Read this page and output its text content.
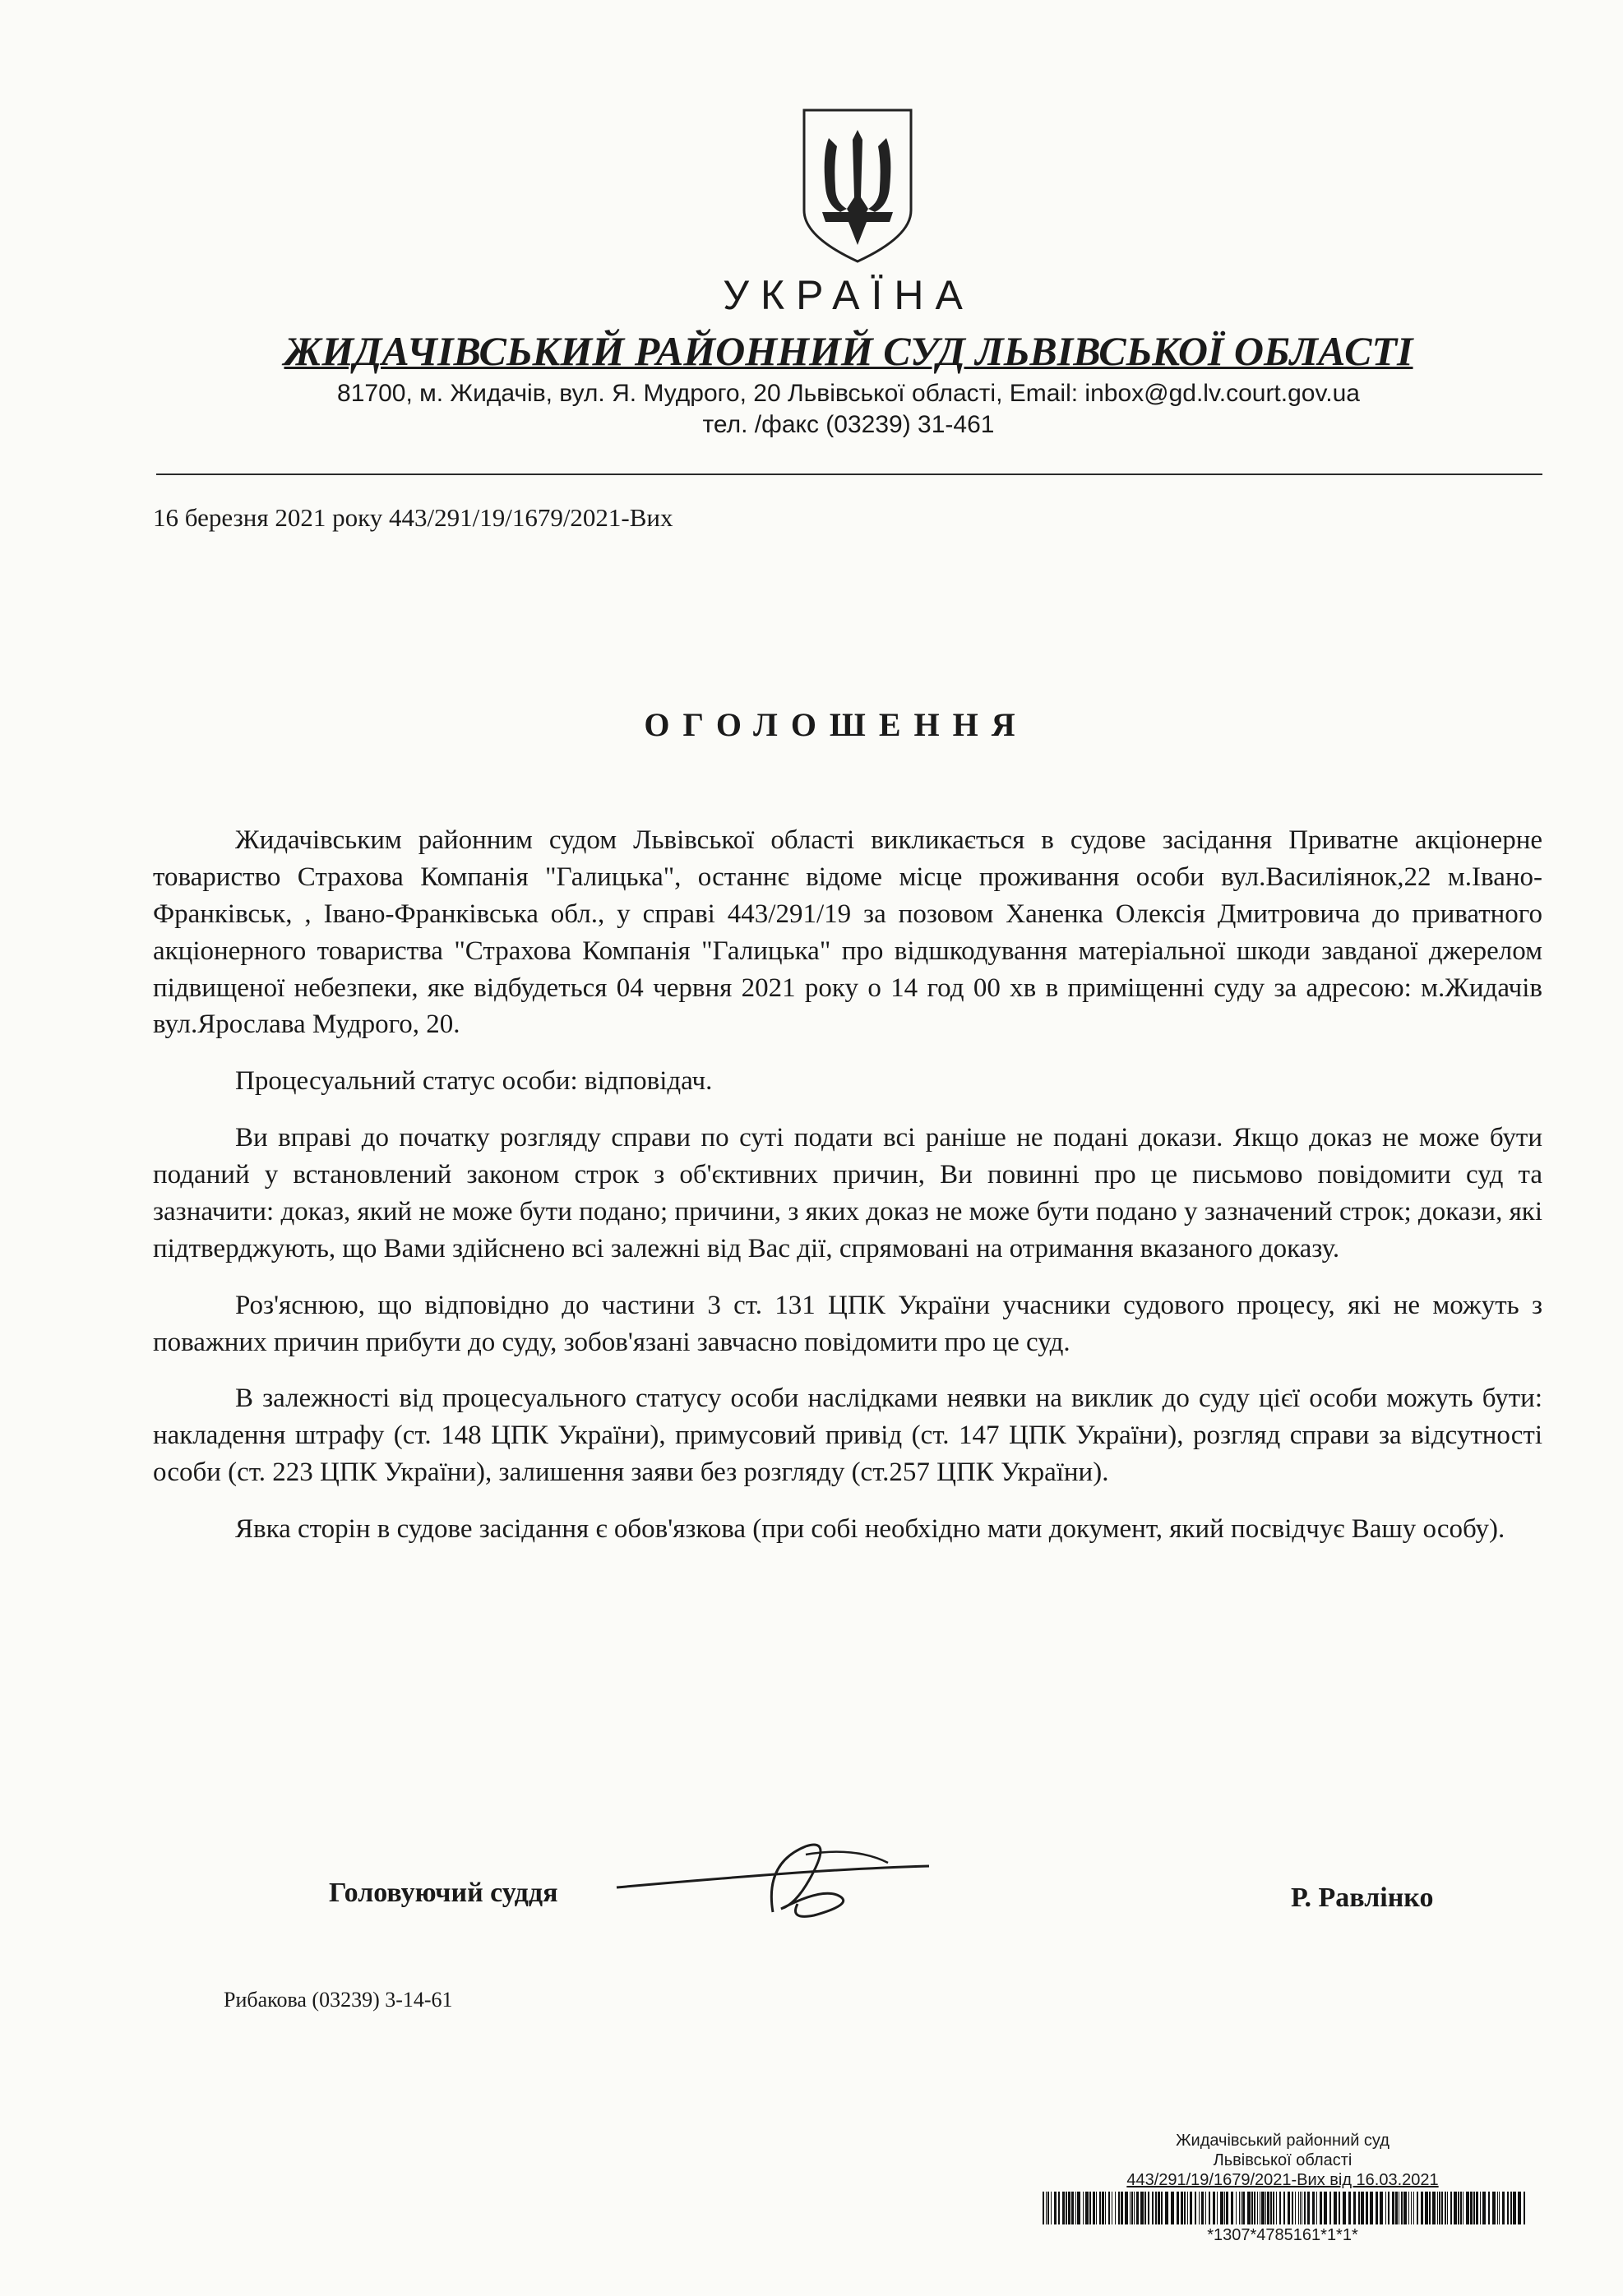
УКРАЇНА
ЖИДАЧІВСЬКИЙ РАЙОННИЙ СУД ЛЬВІВСЬКОЇ ОБЛАСТІ
81700, м. Жидачів, вул. Я. Мудрого, 20 Львівської області, Email: inbox@gd.lv.court.gov.ua
тел. /факс (03239) 31-461
16 березня 2021 року 443/291/19/1679/2021-Вих
ОГОЛОШЕННЯ

Жидачівським районним судом Львівської області викликається в судове засідання Приватне акціонерне товариство Страхова Компанія "Галицька", останнє відоме місце проживання особи вул.Василіянок,22 м.Івано-Франківськ, , Івано-Франківська обл., у справі 443/291/19 за позовом Ханенка Олексія Дмитровича до приватного акціонерного товариства "Страхова Компанія "Галицька" про відшкодування матеріальної шкоди завданої джерелом підвищеної небезпеки, яке відбудеться 04 червня 2021 року о 14 год 00 хв в приміщенні суду за адресою: м.Жидачів вул.Ярослава Мудрого, 20.

Процесуальний статус особи: відповідач.

Ви вправі до початку розгляду справи по суті подати всі раніше не подані докази. Якщо доказ не може бути поданий у встановлений законом строк з об'єктивних причин, Ви повинні про це письмово повідомити суд та зазначити: доказ, який не може бути подано; причини, з яких доказ не може бути подано у зазначений строк; докази, які підтверджують, що Вами здійснено всі залежні від Вас дії, спрямовані на отримання вказаного доказу.

Роз'яснюю, що відповідно до частини 3 ст. 131 ЦПК України учасники судового процесу, які не можуть з поважних причин прибути до суду, зобов'язані завчасно повідомити про це суд.

В залежності від процесуального статусу особи наслідками неявки на виклик до суду цієї особи можуть бути: накладення штрафу (ст. 148 ЦПК України), примусовий привід (ст. 147 ЦПК України), розгляд справи за відсутності особи (ст. 223 ЦПК України), залишення заяви без розгляду (ст.257 ЦПК України).

Явка сторін в судове засідання є обов'язкова (при собі необхідно мати документ, який посвідчує Вашу особу).

Головуючий суддя	Р. Равлінко
Рибакова (03239) 3-14-61
Жидачівський районний суд
Львівської області
443/291/19/1679/2021-Вих від 16.03.2021
*1307*4785161*1*1*
